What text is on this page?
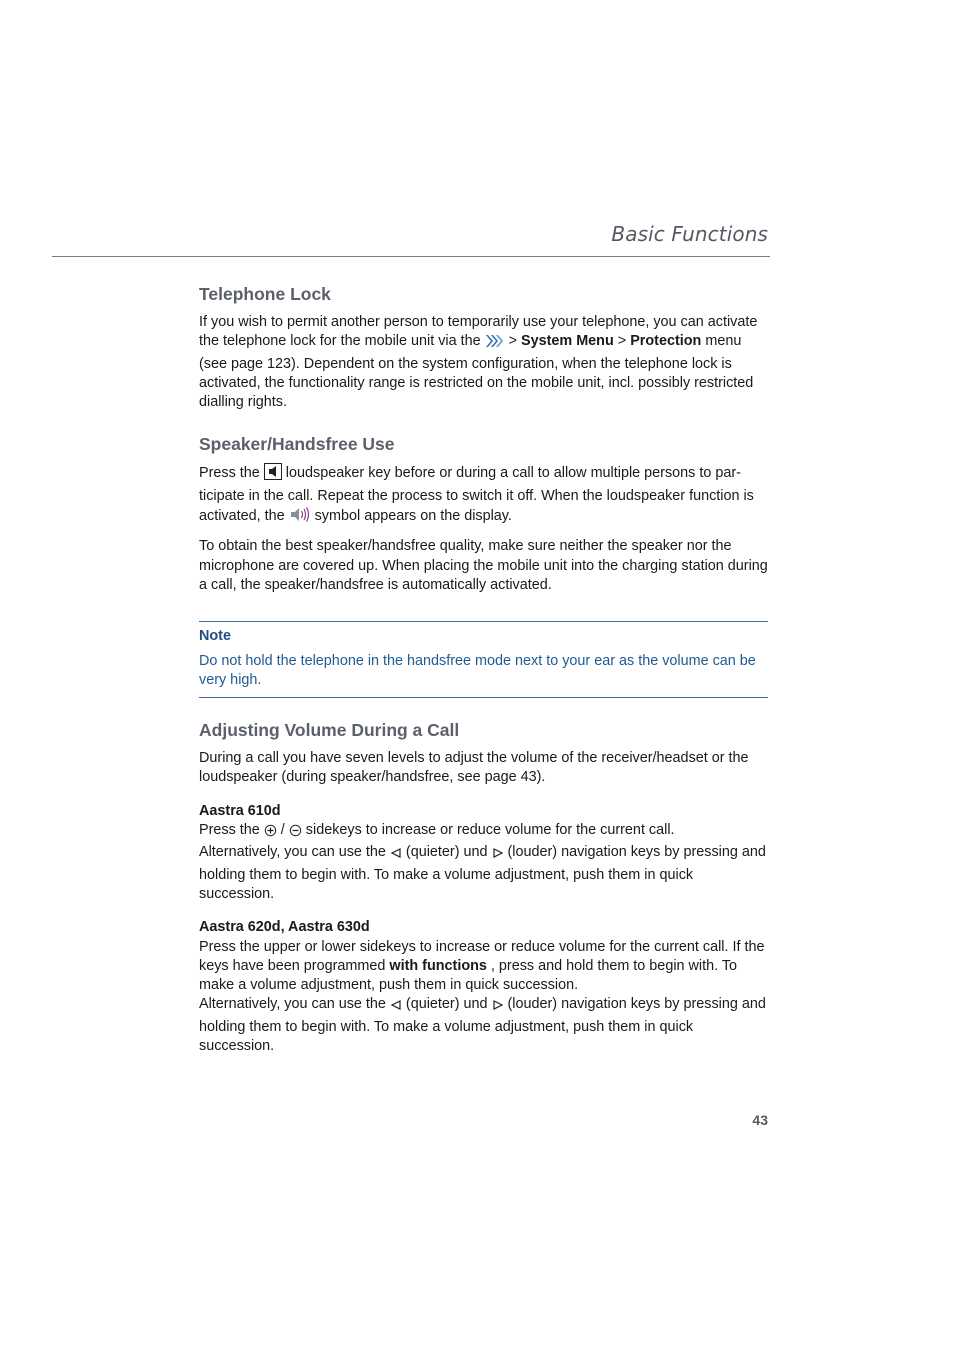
Basic Functions
Telephone Lock

If you wish to permit another person to temporarily use your telephone, you can activate the telephone lock for the mobile unit via the  > System Menu > Protection menu (see page 123). Dependent on the system configuration, when the telephone lock is activated, the functionality range is restricted on the mobile unit, incl. possibly restricted dialling rights.

Speaker/Handsfree Use

Press the  loudspeaker key before or during a call to allow multiple persons to par-ticipate in the call. Repeat the process to switch it off. When the loudspeaker function is activated, the  symbol appears on the display.

To obtain the best speaker/handsfree quality, make sure neither the speaker nor the microphone are covered up. When placing the mobile unit into the charging station during a call, the speaker/handsfree is automatically activated.

Note
Do not hold the telephone in the handsfree mode next to your ear as the volume can be very high.
Adjusting Volume During a Call

During a call you have seven levels to adjust the volume of the receiver/headset or the loudspeaker (during speaker/handsfree, see page 43).

Aastra 610d

Press the  /  sidekeys to increase or reduce volume for the current call.

Alternatively, you can use the  (quieter) und  (louder) navigation keys by pressing and holding them to begin with. To make a volume adjustment, push them in quick succession.

Aastra 620d, Aastra 630d

Press the upper or lower sidekeys to increase or reduce volume for the current call. If the keys have been programmed with functions , press and hold them to begin with. To make a volume adjustment, push them in quick succession.

Alternatively, you can use the  (quieter) und  (louder) navigation keys by pressing and holding them to begin with. To make a volume adjustment, push them in quick succession.

43
